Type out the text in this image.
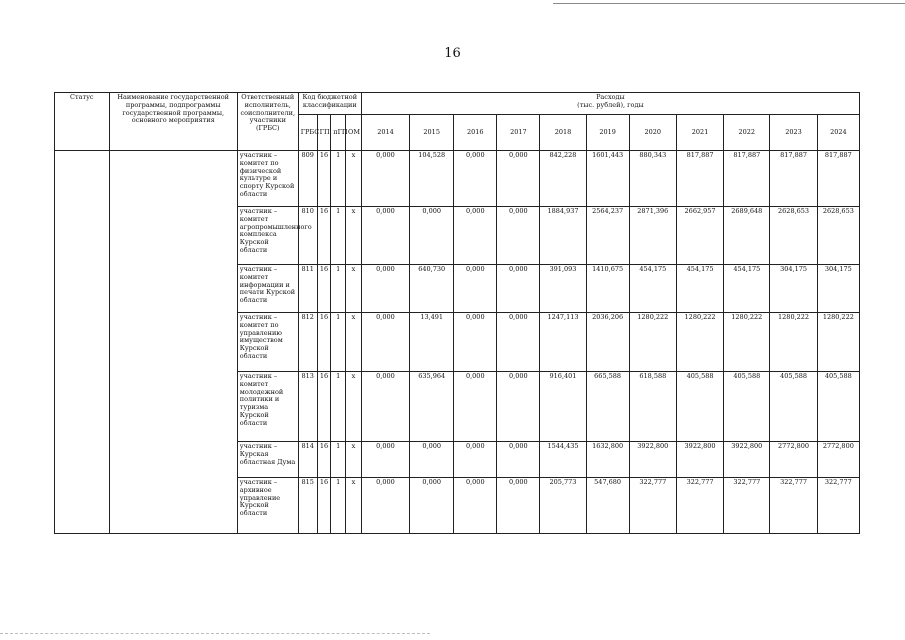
16
Статус	Наименование государственной программы, подпрограммы государственной программы, основного мероприятия	Ответственный исполнитель, соисполнители, участники (ГРБС)	Код бюджетной классификации				Расходы
(тыс. рублей), годы										

			ГРБС	ГП	пГП	ОМ	2014	2015	2016	2017	2018	2019	2020	2021	2022	2023	2024
		участник – комитет по физической культуре и спорту Курской области	809	16	1	х	0,000	104,528	0,000	0,000	842,228	1601,443	880,343	817,887	817,887	817,887	817,887
		участник – комитет агропромышленного комплекса Курской области	810	16	1	х	0,000	0,000	0,000	0,000	1884,937	2564,237	2871,396	2662,957	2689,648	2628,653	2628,653
		участник – комитет информации и печати Курской области	811	16	1	х	0,000	640,730	0,000	0,000	391,093	1410,675	454,175	454,175	454,175	304,175	304,175
		участник – комитет по управлению имуществом Курской области	812	16	1	х	0,000	13,491	0,000	0,000	1247,113	2036,206	1280,222	1280,222	1280,222	1280,222	1280,222
		участник – комитет молодежной политики и туризма Курской области	813	16	1	х	0,000	635,964	0,000	0,000	916,401	665,588	618,588	405,588	405,588	405,588	405,588
		участник – Курская областная Дума	814	16	1	х	0,000	0,000	0,000	0,000	1544,435	1632,800	3922,800	3922,800	3922,800	2772,800	2772,800
		участник – архивное управление Курской области	815	16	1	х	0,000	0,000	0,000	0,000	205,773	547,680	322,777	322,777	322,777	322,777	322,777
